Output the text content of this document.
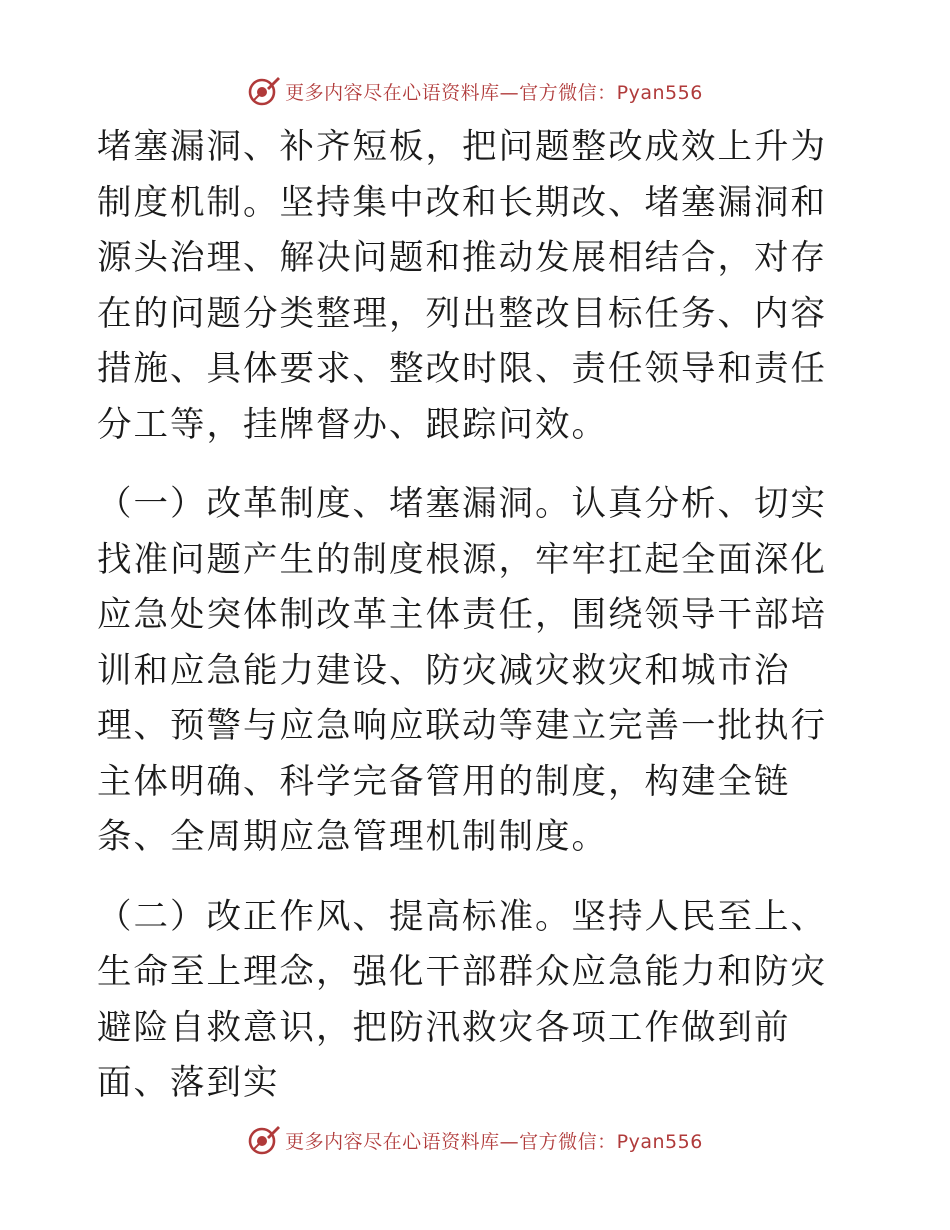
更多内容尽在心语资料库—官方微信：Pyan556

堵塞漏洞、补齐短板，把问题整改成效上升为制度机制。坚持集中改和长期改、堵塞漏洞和源头治理、解决问题和推动发展相结合，对存在的问题分类整理，列出整改目标任务、内容措施、具体要求、整改时限、责任领导和责任分工等，挂牌督办、跟踪问效。

（一）改革制度、堵塞漏洞。认真分析、切实找准问题产生的制度根源，牢牢扛起全面深化应急处突体制改革主体责任，围绕领导干部培训和应急能力建设、防灾减灾救灾和城市治理、预警与应急响应联动等建立完善一批执行主体明确、科学完备管用的制度，构建全链条、全周期应急管理机制制度。

（二）改正作风、提高标准。坚持人民至上、生命至上理念，强化干部群众应急能力和防灾避险自救意识，把防汛救灾各项工作做到前面、落到实

更多内容尽在心语资料库—官方微信：Pyan556
